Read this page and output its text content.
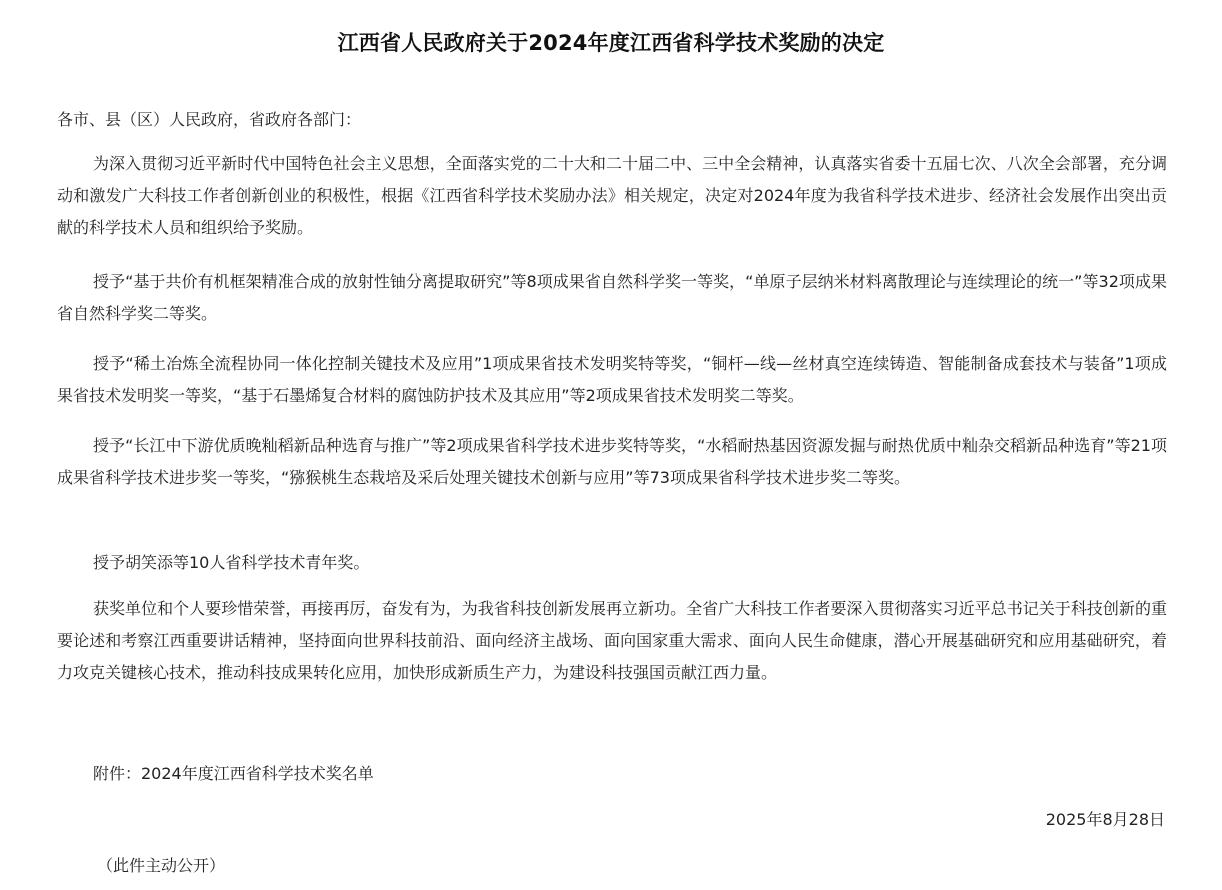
江西省人民政府关于2024年度江西省科学技术奖励的决定
各市、县（区）人民政府，省政府各部门：

为深入贯彻习近平新时代中国特色社会主义思想，全面落实党的二十大和二十届二中、三中全会精神，认真落实省委十五届七次、八次全会部署，充分调动和激发广大科技工作者创新创业的积极性，根据《江西省科学技术奖励办法》相关规定，决定对2024年度为我省科学技术进步、经济社会发展作出突出贡献的科学技术人员和组织给予奖励。

授予“基于共价有机框架精准合成的放射性铀分离提取研究”等8项成果省自然科学奖一等奖，“单原子层纳米材料离散理论与连续理论的统一”等32项成果省自然科学奖二等奖。

授予“稀土冶炼全流程协同一体化控制关键技术及应用”1项成果省技术发明奖特等奖，“铜杆—线—丝材真空连续铸造、智能制备成套技术与装备”1项成果省技术发明奖一等奖，“基于石墨烯复合材料的腐蚀防护技术及其应用”等2项成果省技术发明奖二等奖。

授予“长江中下游优质晚籼稻新品种选育与推广”等2项成果省科学技术进步奖特等奖，“水稻耐热基因资源发掘与耐热优质中籼杂交稻新品种选育”等21项成果省科学技术进步奖一等奖，“猕猴桃生态栽培及采后处理关键技术创新与应用”等73项成果省科学技术进步奖二等奖。

授予胡笑添等10人省科学技术青年奖。

获奖单位和个人要珍惜荣誉，再接再厉，奋发有为，为我省科技创新发展再立新功。全省广大科技工作者要深入贯彻落实习近平总书记关于科技创新的重要论述和考察江西重要讲话精神，坚持面向世界科技前沿、面向经济主战场、面向国家重大需求、面向人民生命健康，潜心开展基础研究和应用基础研究，着力攻克关键核心技术，推动科技成果转化应用，加快形成新质生产力，为建设科技强国贡献江西力量。

附件：2024年度江西省科学技术奖名单
2025年8月28日
（此件主动公开）
